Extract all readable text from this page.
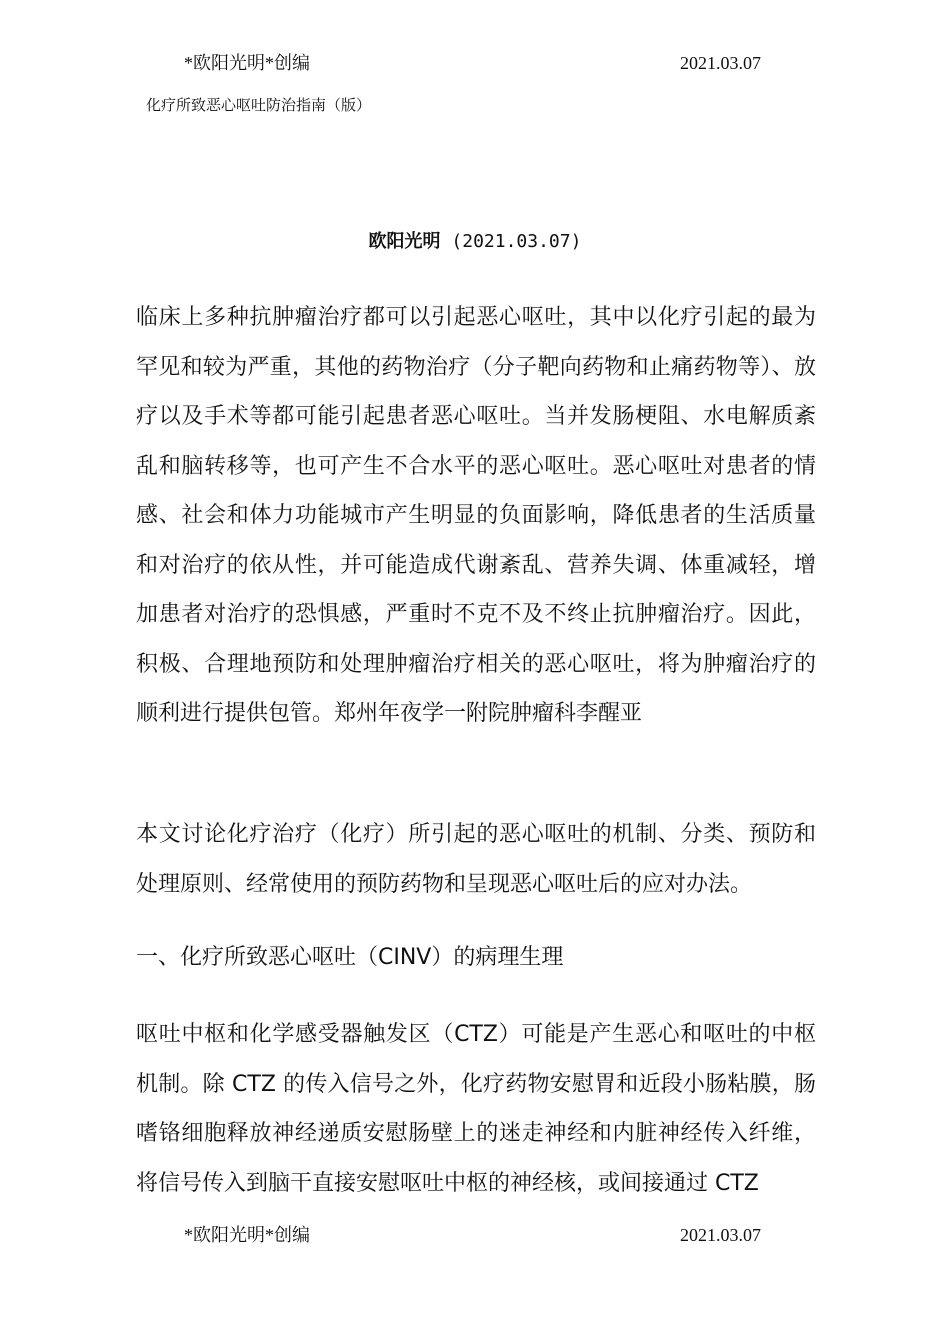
*欧阳光明*创编	2021.03.07
化疗所致恶心呕吐防治指南（版）
欧阳光明 (2021.03.07)
临床上多种抗肿瘤治疗都可以引起恶心呕吐，其中以化疗引起的最为罕见和较为严重，其他的药物治疗（分子靶向药物和止痛药物等）、放疗以及手术等都可能引起患者恶心呕吐。当并发肠梗阻、水电解质紊乱和脑转移等，也可产生不合水平的恶心呕吐。恶心呕吐对患者的情感、社会和体力功能城市产生明显的负面影响，降低患者的生活质量和对治疗的依从性，并可能造成代谢紊乱、营养失调、体重减轻，增加患者对治疗的恐惧感，严重时不克不及不终止抗肿瘤治疗。因此，积极、合理地预防和处理肿瘤治疗相关的恶心呕吐，将为肿瘤治疗的顺利进行提供包管。郑州年夜学一附院肿瘤科李醒亚
本文讨论化疗治疗（化疗）所引起的恶心呕吐的机制、分类、预防和处理原则、经常使用的预防药物和呈现恶心呕吐后的应对办法。
一、化疗所致恶心呕吐（CINV）的病理生理
呕吐中枢和化学感受器触发区（CTZ）可能是产生恶心和呕吐的中枢机制。除 CTZ 的传入信号之外，化疗药物安慰胃和近段小肠粘膜，肠嗜铬细胞释放神经递质安慰肠壁上的迷走神经和内脏神经传入纤维，将信号传入到脑干直接安慰呕吐中枢的神经核，或间接通过 CTZ
*欧阳光明*创编	2021.03.07
